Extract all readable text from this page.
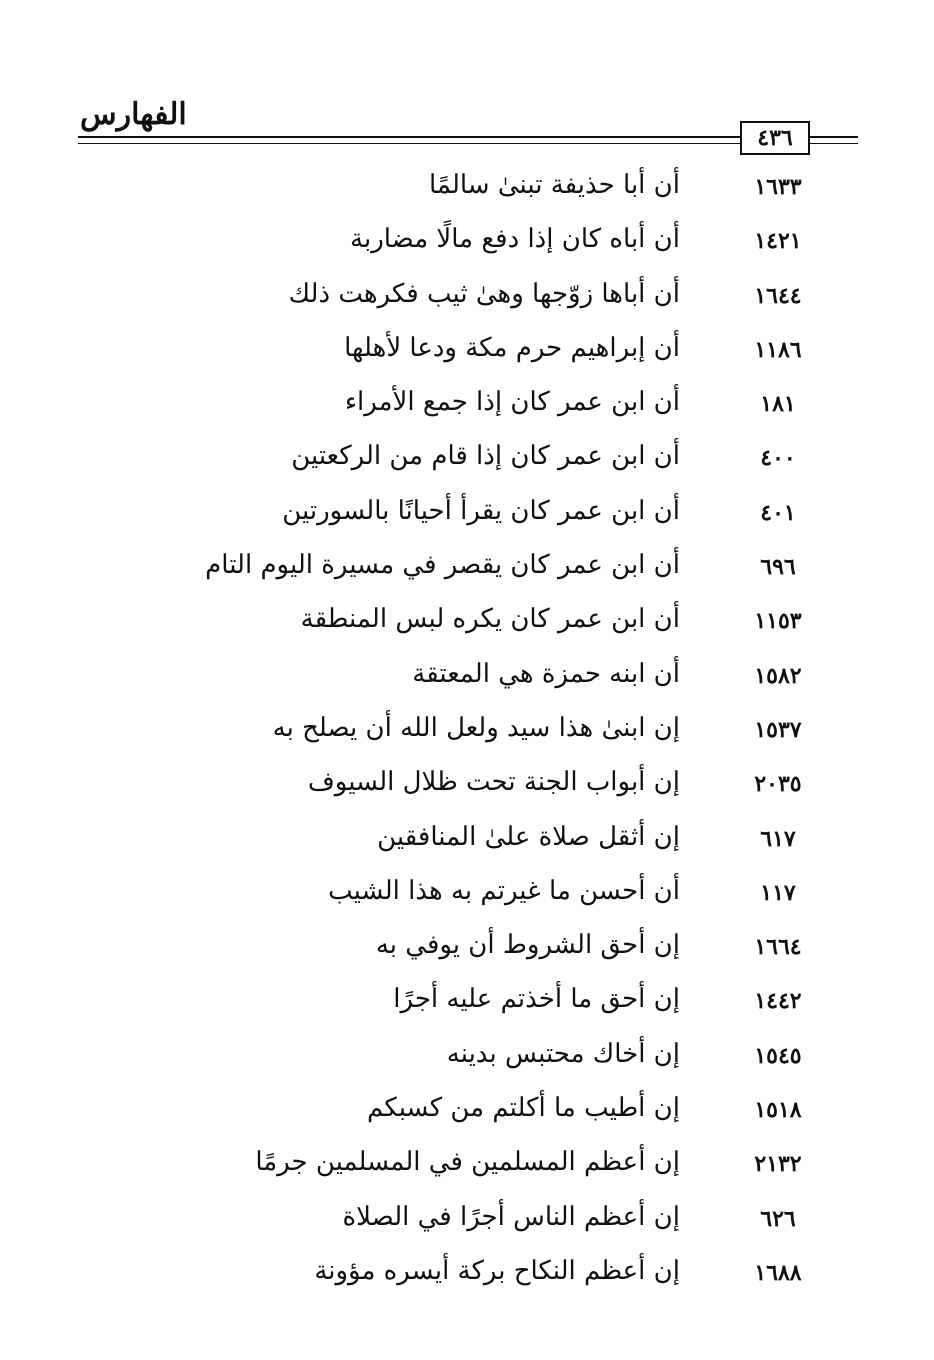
الفهارس
٤٣٦
١٦٣٣
أن أبا حذيفة تبنىٰ سالمًا
١٤٢١
أن أباه كان إذا دفع مالًا مضاربة
١٦٤٤
أن أباها زوّجها وهىٰ ثيب فكرهت ذلك
١١٨٦
أن إبراهيم حرم مكة ودعا لأهلها
١٨١
أن ابن عمر كان إذا جمع الأمراء
٤٠٠
أن ابن عمر كان إذا قام من الركعتين
٤٠١
أن ابن عمر كان يقرأ أحيانًا بالسورتين
٦٩٦
أن ابن عمر كان يقصر في مسيرة اليوم التام
١١٥٣
أن ابن عمر كان يكره لبس المنطقة
١٥٨٢
أن ابنه حمزة هي المعتقة
١٥٣٧
إن ابنىٰ هذا سيد ولعل الله أن يصلح به
٢٠٣٥
إن أبواب الجنة تحت ظلال السيوف
٦١٧
إن أثقل صلاة علىٰ المنافقين
١١٧
أن أحسن ما غيرتم به هذا الشيب
١٦٦٤
إن أحق الشروط أن يوفي به
١٤٤٢
إن أحق ما أخذتم عليه أجرًا
١٥٤٥
إن أخاك محتبس بدينه
١٥١٨
إن أطيب ما أكلتم من كسبكم
٢١٣٢
إن أعظم المسلمين في المسلمين جرمًا
٦٢٦
إن أعظم الناس أجرًا في الصلاة
١٦٨٨
إن أعظم النكاح بركة أيسره مؤونة
